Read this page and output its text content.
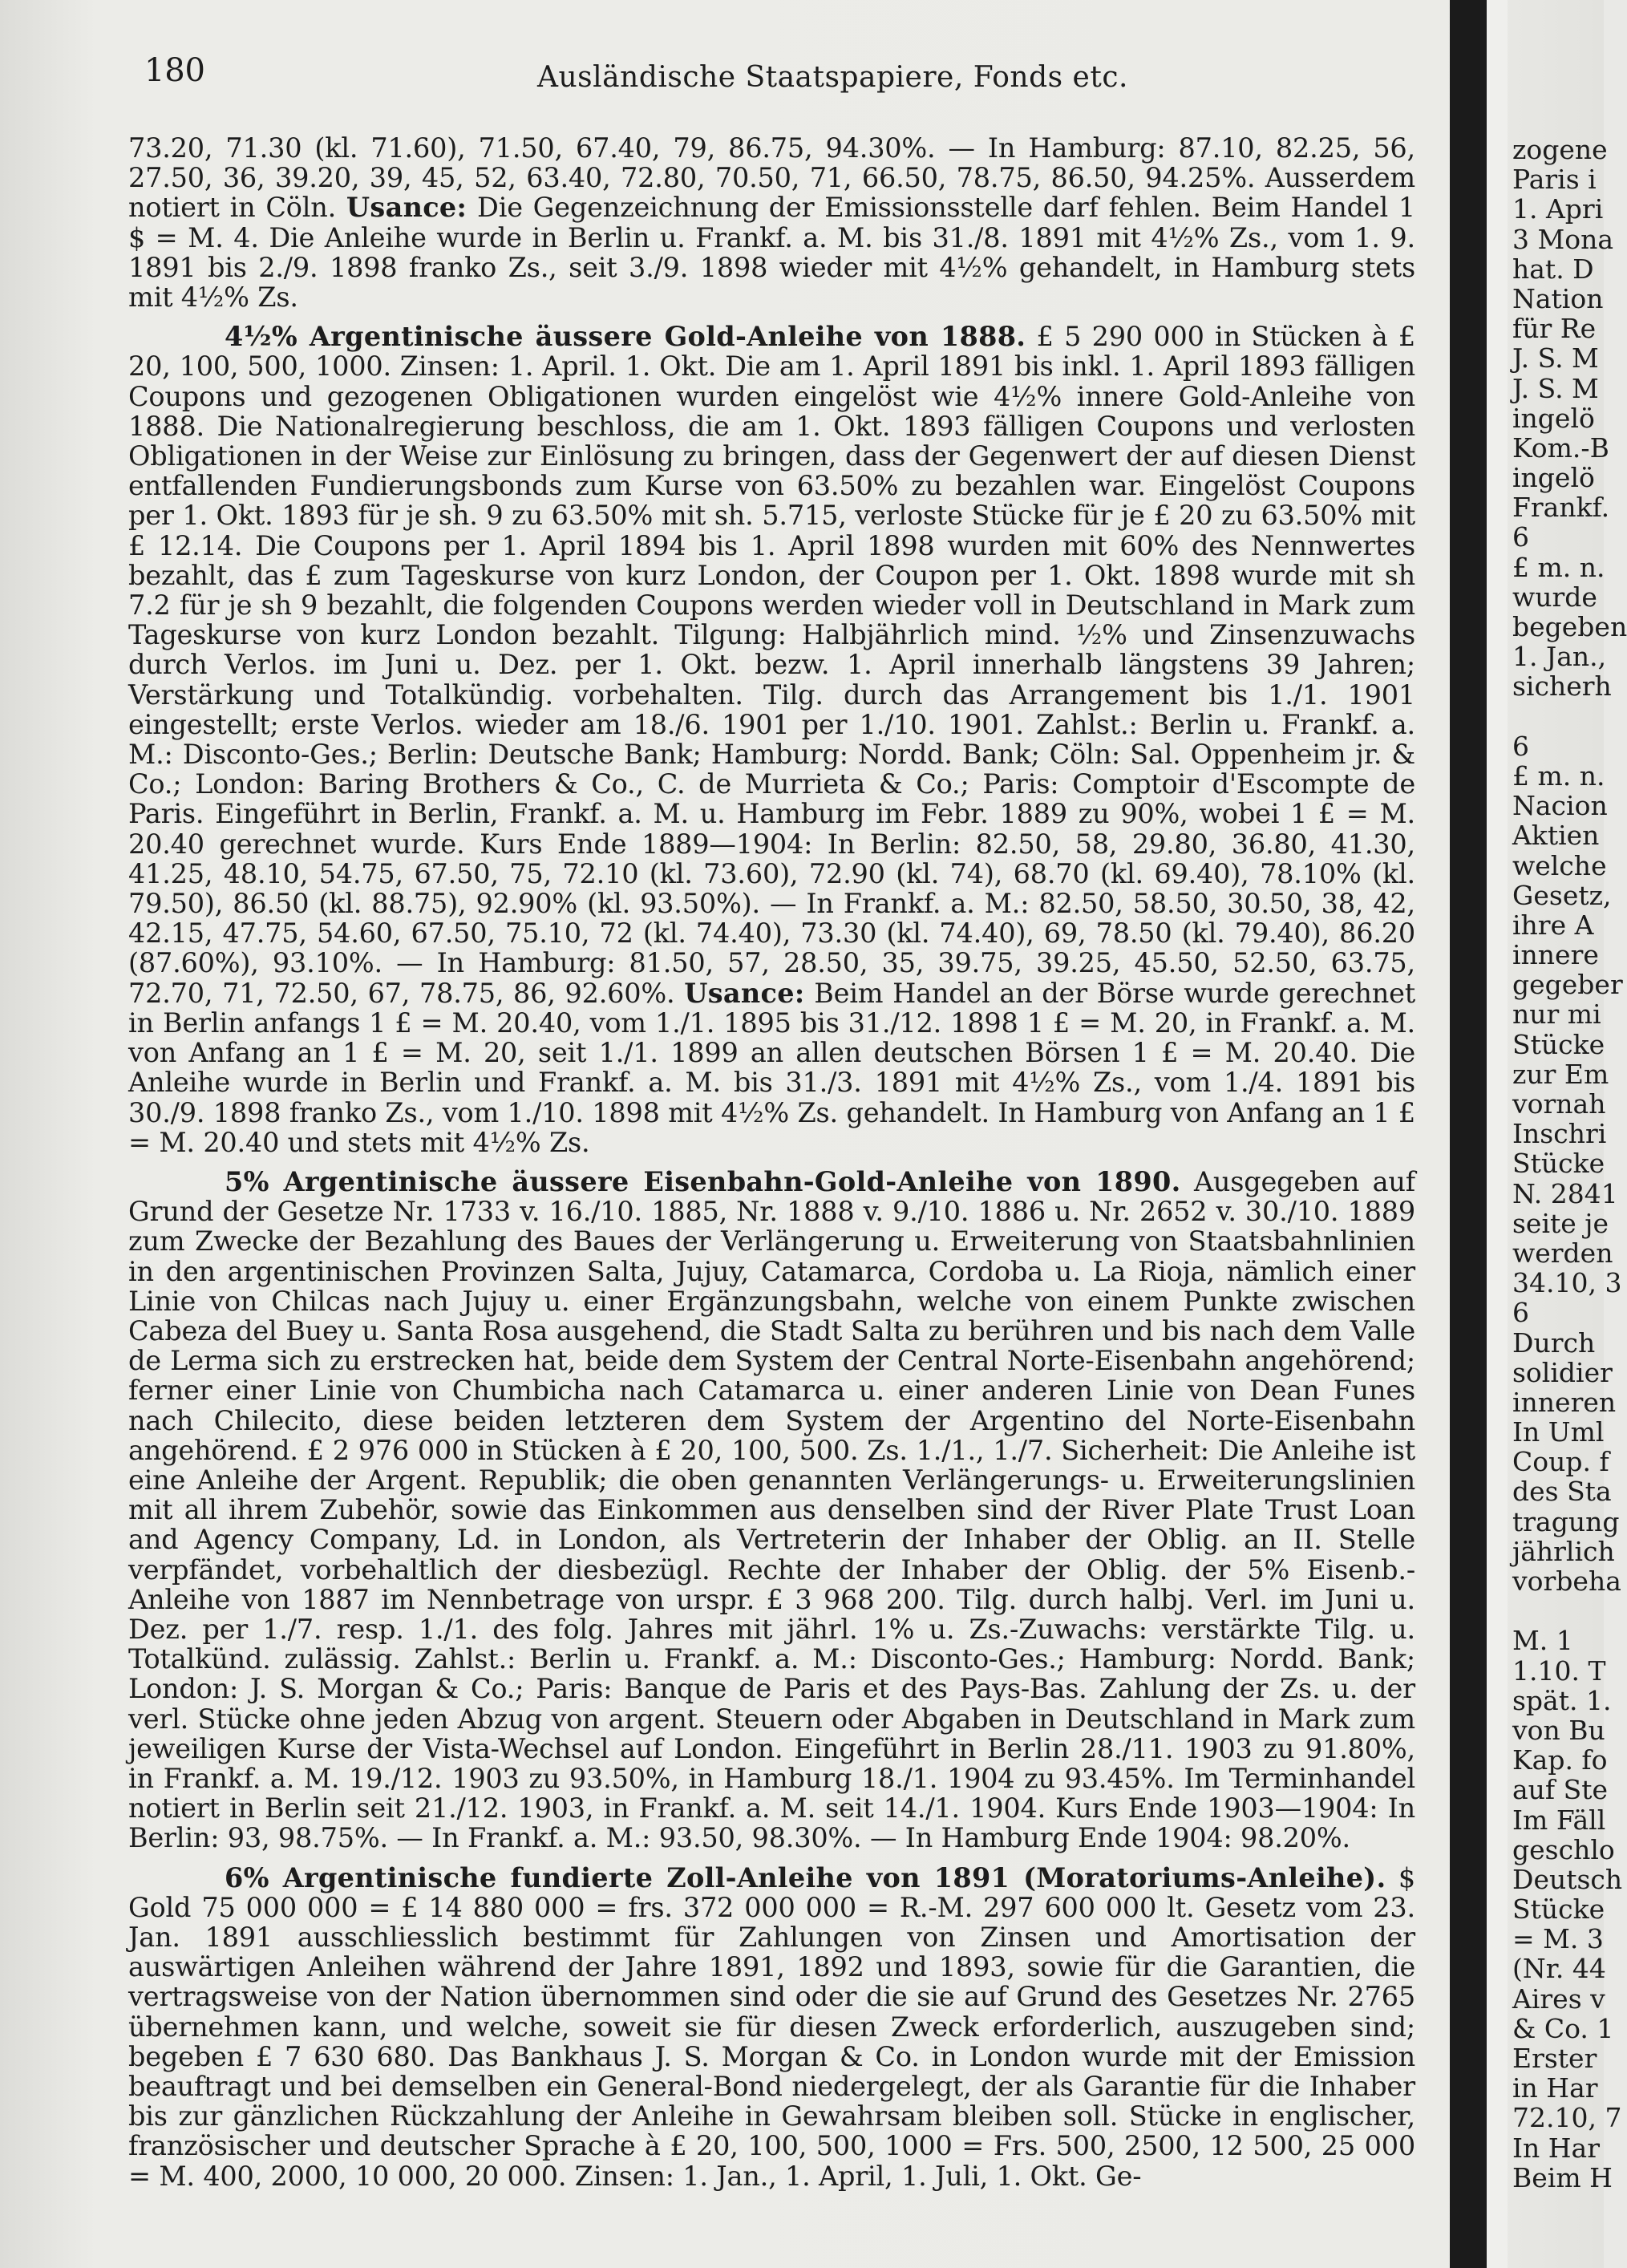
180	Ausländische Staatspapiere, Fonds etc.

73.20, 71.30 (kl. 71.60), 71.50, 67.40, 79, 86.75, 94.30%. — In Hamburg: 87.10, 82.25, 56, 27.50, 36, 39.20, 39, 45, 52, 63.40, 72.80, 70.50, 71, 66.50, 78.75, 86.50, 94.25%. Ausserdem notiert in Cöln. Usance: Die Gegenzeichnung der Emissionsstelle darf fehlen. Beim Handel 1 $ = M. 4. Die Anleihe wurde in Berlin u. Frankf. a. M. bis 31./8. 1891 mit 4½% Zs., vom 1. 9. 1891 bis 2./9. 1898 franko Zs., seit 3./9. 1898 wieder mit 4½% gehandelt, in Hamburg stets mit 4½% Zs.

4½% Argentinische äussere Gold-Anleihe von 1888. £ 5 290 000 in Stücken à £ 20, 100, 500, 1000. Zinsen: 1. April. 1. Okt. Die am 1. April 1891 bis inkl. 1. April 1893 fälligen Coupons und gezogenen Obligationen wurden eingelöst wie 4½% innere Gold-Anleihe von 1888. Die Nationalregierung beschloss, die am 1. Okt. 1893 fälligen Coupons und verlosten Obligationen in der Weise zur Einlösung zu bringen, dass der Gegenwert der auf diesen Dienst entfallenden Fundierungsbonds zum Kurse von 63.50% zu bezahlen war. Eingelöst Coupons per 1. Okt. 1893 für je sh. 9 zu 63.50% mit sh. 5.715, verloste Stücke für je £ 20 zu 63.50% mit £ 12.14. Die Coupons per 1. April 1894 bis 1. April 1898 wurden mit 60% des Nennwertes bezahlt, das £ zum Tageskurse von kurz London, der Coupon per 1. Okt. 1898 wurde mit sh 7.2 für je sh 9 bezahlt, die folgenden Coupons werden wieder voll in Deutschland in Mark zum Tageskurse von kurz London bezahlt. Tilgung: Halbjährlich mind. ½% und Zinsenzuwachs durch Verlos. im Juni u. Dez. per 1. Okt. bezw. 1. April innerhalb längstens 39 Jahren; Verstärkung und Totalkündig. vorbehalten. Tilg. durch das Arrangement bis 1./1. 1901 eingestellt; erste Verlos. wieder am 18./6. 1901 per 1./10. 1901. Zahlst.: Berlin u. Frankf. a. M.: Disconto-Ges.; Berlin: Deutsche Bank; Hamburg: Nordd. Bank; Cöln: Sal. Oppenheim jr. & Co.; London: Baring Brothers & Co., C. de Murrieta & Co.; Paris: Comptoir d'Escompte de Paris. Eingeführt in Berlin, Frankf. a. M. u. Hamburg im Febr. 1889 zu 90%, wobei 1 £ = M. 20.40 gerechnet wurde. Kurs Ende 1889—1904: In Berlin: 82.50, 58, 29.80, 36.80, 41.30, 41.25, 48.10, 54.75, 67.50, 75, 72.10 (kl. 73.60), 72.90 (kl. 74), 68.70 (kl. 69.40), 78.10% (kl. 79.50), 86.50 (kl. 88.75), 92.90% (kl. 93.50%). — In Frankf. a. M.: 82.50, 58.50, 30.50, 38, 42, 42.15, 47.75, 54.60, 67.50, 75.10, 72 (kl. 74.40), 73.30 (kl. 74.40), 69, 78.50 (kl. 79.40), 86.20 (87.60%), 93.10%. — In Hamburg: 81.50, 57, 28.50, 35, 39.75, 39.25, 45.50, 52.50, 63.75, 72.70, 71, 72.50, 67, 78.75, 86, 92.60%. Usance: Beim Handel an der Börse wurde gerechnet in Berlin anfangs 1 £ = M. 20.40, vom 1./1. 1895 bis 31./12. 1898 1 £ = M. 20, in Frankf. a. M. von Anfang an 1 £ = M. 20, seit 1./1. 1899 an allen deutschen Börsen 1 £ = M. 20.40. Die Anleihe wurde in Berlin und Frankf. a. M. bis 31./3. 1891 mit 4½% Zs., vom 1./4. 1891 bis 30./9. 1898 franko Zs., vom 1./10. 1898 mit 4½% Zs. gehandelt. In Hamburg von Anfang an 1 £ = M. 20.40 und stets mit 4½% Zs.

5% Argentinische äussere Eisenbahn-Gold-Anleihe von 1890. Ausgegeben auf Grund der Gesetze Nr. 1733 v. 16./10. 1885, Nr. 1888 v. 9./10. 1886 u. Nr. 2652 v. 30./10. 1889 zum Zwecke der Bezahlung des Baues der Verlängerung u. Erweiterung von Staatsbahnlinien in den argentinischen Provinzen Salta, Jujuy, Catamarca, Cordoba u. La Rioja, nämlich einer Linie von Chilcas nach Jujuy u. einer Ergänzungsbahn, welche von einem Punkte zwischen Cabeza del Buey u. Santa Rosa ausgehend, die Stadt Salta zu berühren und bis nach dem Valle de Lerma sich zu erstrecken hat, beide dem System der Central Norte-Eisenbahn angehörend; ferner einer Linie von Chumbicha nach Catamarca u. einer anderen Linie von Dean Funes nach Chilecito, diese beiden letzteren dem System der Argentino del Norte-Eisenbahn angehörend. £ 2 976 000 in Stücken à £ 20, 100, 500. Zs. 1./1., 1./7. Sicherheit: Die Anleihe ist eine Anleihe der Argent. Republik; die oben genannten Verlängerungs- u. Erweiterungslinien mit all ihrem Zubehör, sowie das Einkommen aus denselben sind der River Plate Trust Loan and Agency Company, Ld. in London, als Vertreterin der Inhaber der Oblig. an II. Stelle verpfändet, vorbehaltlich der diesbezügl. Rechte der Inhaber der Oblig. der 5% Eisenb.-Anleihe von 1887 im Nennbetrage von urspr. £ 3 968 200. Tilg. durch halbj. Verl. im Juni u. Dez. per 1./7. resp. 1./1. des folg. Jahres mit jährl. 1% u. Zs.-Zuwachs: verstärkte Tilg. u. Totalkünd. zulässig. Zahlst.: Berlin u. Frankf. a. M.: Disconto-Ges.; Hamburg: Nordd. Bank; London: J. S. Morgan & Co.; Paris: Banque de Paris et des Pays-Bas. Zahlung der Zs. u. der verl. Stücke ohne jeden Abzug von argent. Steuern oder Abgaben in Deutschland in Mark zum jeweiligen Kurse der Vista-Wechsel auf London. Eingeführt in Berlin 28./11. 1903 zu 91.80%, in Frankf. a. M. 19./12. 1903 zu 93.50%, in Hamburg 18./1. 1904 zu 93.45%. Im Terminhandel notiert in Berlin seit 21./12. 1903, in Frankf. a. M. seit 14./1. 1904. Kurs Ende 1903—1904: In Berlin: 93, 98.75%. — In Frankf. a. M.: 93.50, 98.30%. — In Hamburg Ende 1904: 98.20%.

6% Argentinische fundierte Zoll-Anleihe von 1891 (Moratoriums-Anleihe). $ Gold 75 000 000 = £ 14 880 000 = frs. 372 000 000 = R.-M. 297 600 000 lt. Gesetz vom 23. Jan. 1891 ausschliesslich bestimmt für Zahlungen von Zinsen und Amortisation der auswärtigen Anleihen während der Jahre 1891, 1892 und 1893, sowie für die Garantien, die vertragsweise von der Nation übernommen sind oder die sie auf Grund des Gesetzes Nr. 2765 übernehmen kann, und welche, soweit sie für diesen Zweck erforderlich, auszugeben sind; begeben £ 7 630 680. Das Bankhaus J. S. Morgan & Co. in London wurde mit der Emission beauftragt und bei demselben ein General-Bond niedergelegt, der als Garantie für die Inhaber bis zur gänzlichen Rückzahlung der Anleihe in Gewahrsam bleiben soll. Stücke in englischer, französischer und deutscher Sprache à £ 20, 100, 500, 1000 = Frs. 500, 2500, 12 500, 25 000 = M. 400, 2000, 10 000, 20 000. Zinsen: 1. Jan., 1. April, 1. Juli, 1. Okt. Ge-

zogene
Paris i
1. Apri
3 Mona
hat. D
Nation
für Re
J. S. M
J. S. M
ingelö
Kom.-B
ingelö
Frankf.
6
£ m. n.
wurde
begeben
1. Jan.,
sicherh
6
£ m. n.
Nacion
Aktien
welche
Gesetz,
ihre A
innere
gegeber
nur mi
Stücke
zur Em
vornah
Inschri
Stücke
N. 2841
seite je
werden
34.10, 3
6
Durch
solidier
inneren
In Uml
Coup. f
des Sta
tragung
jährlich
vorbeha
M. 1
1.10. T
spät. 1.
von Bu
Kap. fo
auf Ste
Im Fäll
geschlo
Deutsch
Stücke
= M. 3
(Nr. 44
Aires v
& Co. 1
Erster
in Har
72.10, 7
In Har
Beim H
